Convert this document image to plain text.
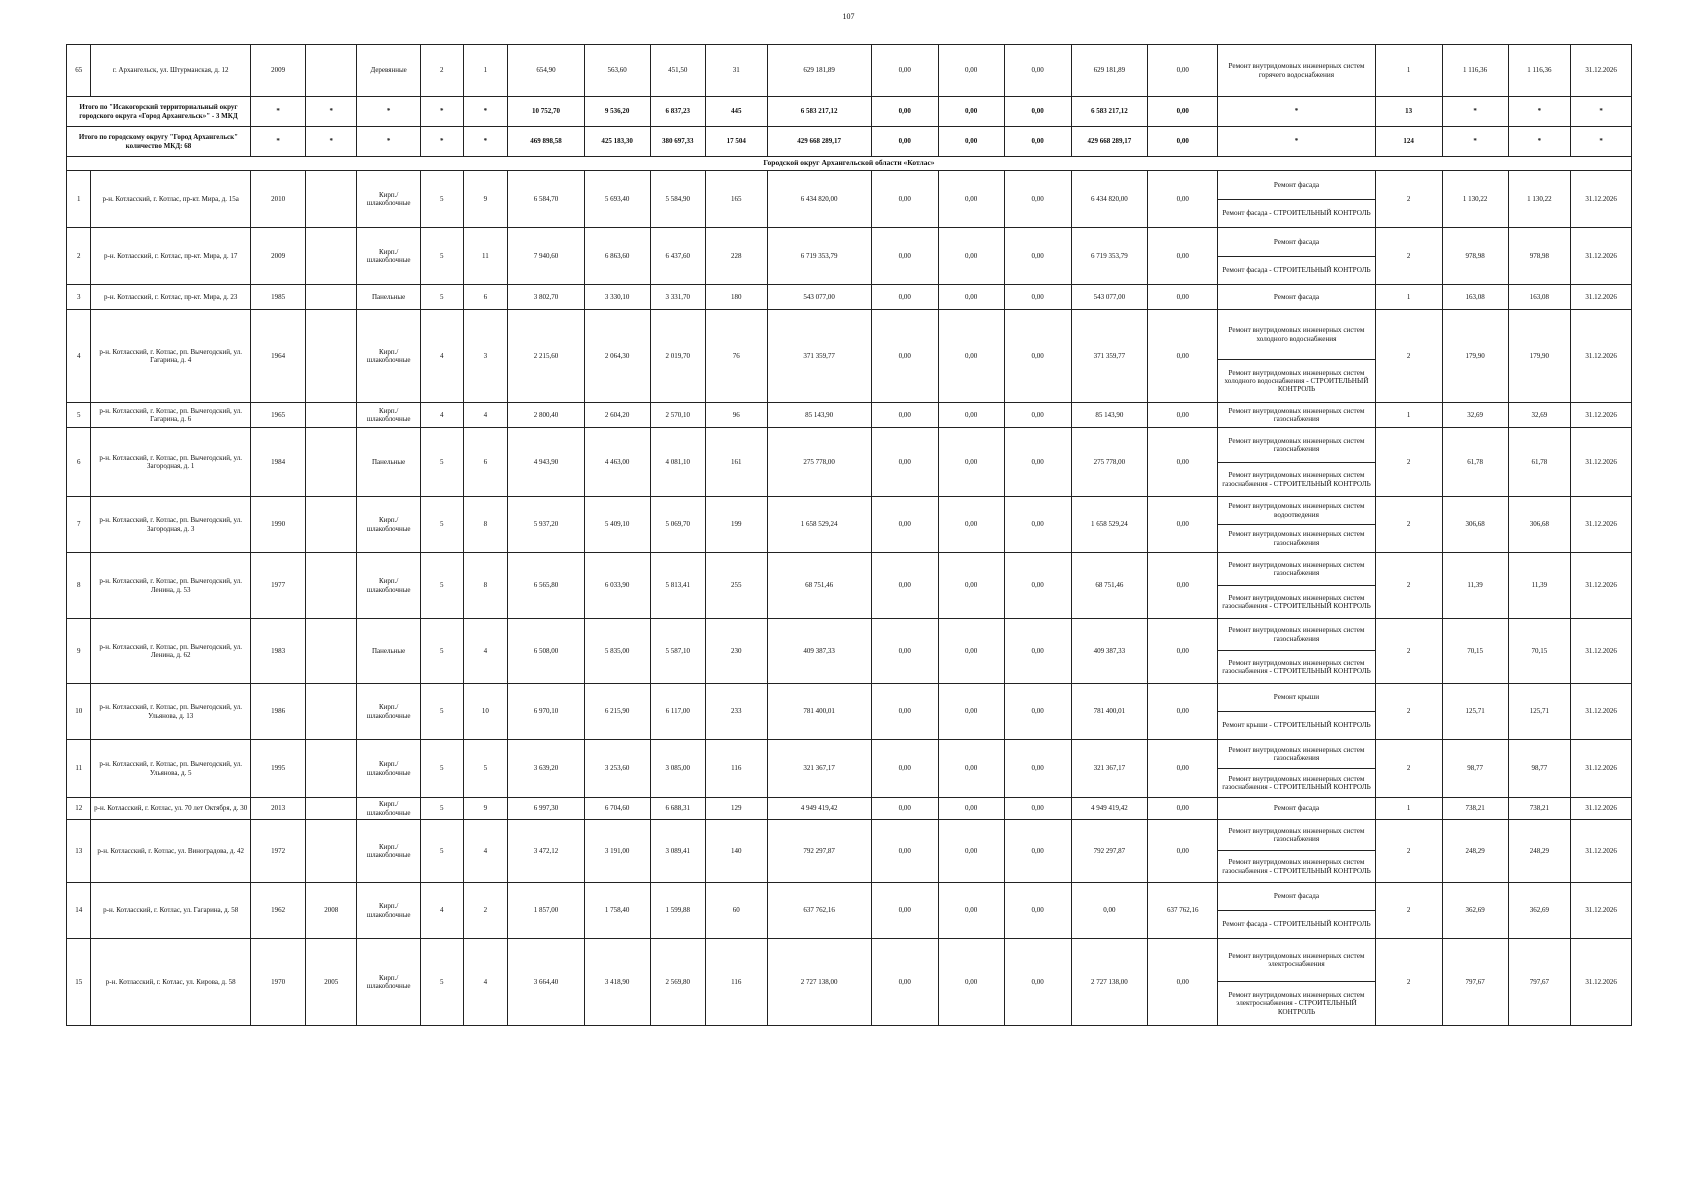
107
65	г. Архангельск, ул. Штурманская, д. 12	2009		Деревянные	2	1	654,90	563,60	451,50	31	629 181,89	0,00	0,00	0,00	629 181,89	0,00	Ремонт внутридомовых инженерных систем горячего водоснабжения	1	1 116,36	1 116,36	31.12.2026
Итого по "Исакогорский территориальный округ городского округа «Город Архангельск»" - 3 МКД		*	*	*	*	*	10 752,70	9 536,20	6 837,23	445	6 583 217,12	0,00	0,00	0,00	6 583 217,12	0,00	*	13	*	*	*
Итого по городскому округу "Город Архангельск" количество МКД: 68		*	*	*	*	*	469 898,58	425 183,30	380 697,33	17 504	429 668 289,17	0,00	0,00	0,00	429 668 289,17	0,00	*	124	*	*	*
Городской округ Архангельской области «Котлас»																					
1	р-н. Котласский, г. Котлас, пр-кт. Мира, д. 15а	2010		Кирп./шлакоблочные	5	9	6 584,70	5 693,40	5 584,90	165	6 434 820,00	0,00	0,00	0,00	6 434 820,00	0,00	Ремонт фасада	2	1 130,22	1 130,22	31.12.2026
																	Ремонт фасада - СТРОИТЕЛЬНЫЙ КОНТРОЛЬ				
2	р-н. Котласский, г. Котлас, пр-кт. Мира, д. 17	2009		Кирп./шлакоблочные	5	11	7 940,60	6 863,60	6 437,60	228	6 719 353,79	0,00	0,00	0,00	6 719 353,79	0,00	Ремонт фасада	2	978,98	978,98	31.12.2026
																	Ремонт фасада - СТРОИТЕЛЬНЫЙ КОНТРОЛЬ				
3	р-н. Котласский, г. Котлас, пр-кт. Мира, д. 23	1985		Панельные	5	6	3 802,70	3 330,10	3 331,70	180	543 077,00	0,00	0,00	0,00	543 077,00	0,00	Ремонт фасада	1	163,08	163,08	31.12.2026
4	р-н. Котласский, г. Котлас, рп. Вычегодский, ул. Гагарина, д. 4	1964		Кирп./шлакоблочные	4	3	2 215,60	2 064,30	2 019,70	76	371 359,77	0,00	0,00	0,00	371 359,77	0,00	Ремонт внутридомовых инженерных систем холодного водоснабжения	2	179,90	179,90	31.12.2026
																	Ремонт внутридомовых инженерных систем холодного водоснабжения - СТРОИТЕЛЬНЫЙ КОНТРОЛЬ				
5	р-н. Котласский, г. Котлас, рп. Вычегодский, ул. Гагарина, д. 6	1965		Кирп./шлакоблочные	4	4	2 800,40	2 604,20	2 570,10	96	85 143,90	0,00	0,00	0,00	85 143,90	0,00	Ремонт внутридомовых инженерных систем газоснабжения	1	32,69	32,69	31.12.2026
6	р-н. Котласский, г. Котлас, рп. Вычегодский, ул. Загородная, д. 1	1984		Панельные	5	6	4 943,90	4 463,00	4 081,10	161	275 778,00	0,00	0,00	0,00	275 778,00	0,00	Ремонт внутридомовых инженерных систем газоснабжения	2	61,78	61,78	31.12.2026
																	Ремонт внутридомовых инженерных систем газоснабжения - СТРОИТЕЛЬНЫЙ КОНТРОЛЬ				
7	р-н. Котласский, г. Котлас, рп. Вычегодский, ул. Загородная, д. 3	1990		Кирп./шлакоблочные	5	8	5 937,20	5 409,10	5 069,70	199	1 658 529,24	0,00	0,00	0,00	1 658 529,24	0,00	Ремонт внутридомовых инженерных систем водоотведения	2	306,68	306,68	31.12.2026
																	Ремонт внутридомовых инженерных систем газоснабжения				
8	р-н. Котласский, г. Котлас, рп. Вычегодский, ул. Ленина, д. 53	1977		Кирп./шлакоблочные	5	8	6 565,80	6 033,90	5 813,41	255	68 751,46	0,00	0,00	0,00	68 751,46	0,00	Ремонт внутридомовых инженерных систем газоснабжения	2	11,39	11,39	31.12.2026
																	Ремонт внутридомовых инженерных систем газоснабжения - СТРОИТЕЛЬНЫЙ КОНТРОЛЬ				
9	р-н. Котласский, г. Котлас, рп. Вычегодский, ул. Ленина, д. 62	1983		Панельные	5	4	6 508,00	5 835,00	5 587,10	230	409 387,33	0,00	0,00	0,00	409 387,33	0,00	Ремонт внутридомовых инженерных систем газоснабжения	2	70,15	70,15	31.12.2026
																	Ремонт внутридомовых инженерных систем газоснабжения - СТРОИТЕЛЬНЫЙ КОНТРОЛЬ				
10	р-н. Котласский, г. Котлас, рп. Вычегодский, ул. Ульянова, д. 13	1986		Кирп./шлакоблочные	5	10	6 970,10	6 215,90	6 117,00	233	781 400,01	0,00	0,00	0,00	781 400,01	0,00	Ремонт крыши	2	125,71	125,71	31.12.2026
																	Ремонт крыши - СТРОИТЕЛЬНЫЙ КОНТРОЛЬ				
11	р-н. Котласский, г. Котлас, рп. Вычегодский, ул. Ульянова, д. 5	1995		Кирп./шлакоблочные	5	5	3 639,20	3 253,60	3 085,00	116	321 367,17	0,00	0,00	0,00	321 367,17	0,00	Ремонт внутридомовых инженерных систем газоснабжения	2	98,77	98,77	31.12.2026
																	Ремонт внутридомовых инженерных систем газоснабжения - СТРОИТЕЛЬНЫЙ КОНТРОЛЬ				
12	р-н. Котласский, г. Котлас, ул. 70 лет Октября, д. 30	2013		Кирп./шлакоблочные	5	9	6 997,30	6 704,60	6 688,31	129	4 949 419,42	0,00	0,00	0,00	4 949 419,42	0,00	Ремонт фасада	1	738,21	738,21	31.12.2026
13	р-н. Котласский, г. Котлас, ул. Виноградова, д. 42	1972		Кирп./шлакоблочные	5	4	3 472,12	3 191,00	3 089,41	140	792 297,87	0,00	0,00	0,00	792 297,87	0,00	Ремонт внутридомовых инженерных систем газоснабжения	2	248,29	248,29	31.12.2026
																	Ремонт внутридомовых инженерных систем газоснабжения - СТРОИТЕЛЬНЫЙ КОНТРОЛЬ				
14	р-н. Котласский, г. Котлас, ул. Гагарина, д. 58	1962	2008	Кирп./шлакоблочные	4	2	1 857,00	1 758,40	1 599,88	60	637 762,16	0,00	0,00	0,00	0,00	637 762,16	Ремонт фасада	2	362,69	362,69	31.12.2026
																	Ремонт фасада - СТРОИТЕЛЬНЫЙ КОНТРОЛЬ				
15	р-н. Котласский, г. Котлас, ул. Кирова, д. 58	1970	2005	Кирп./шлакоблочные	5	4	3 664,40	3 418,90	2 569,80	116	2 727 138,00	0,00	0,00	0,00	2 727 138,00	0,00	Ремонт внутридомовых инженерных систем электроснабжения	2	797,67	797,67	31.12.2026
																	Ремонт внутридомовых инженерных систем электроснабжения - СТРОИТЕЛЬНЫЙ КОНТРОЛЬ				
